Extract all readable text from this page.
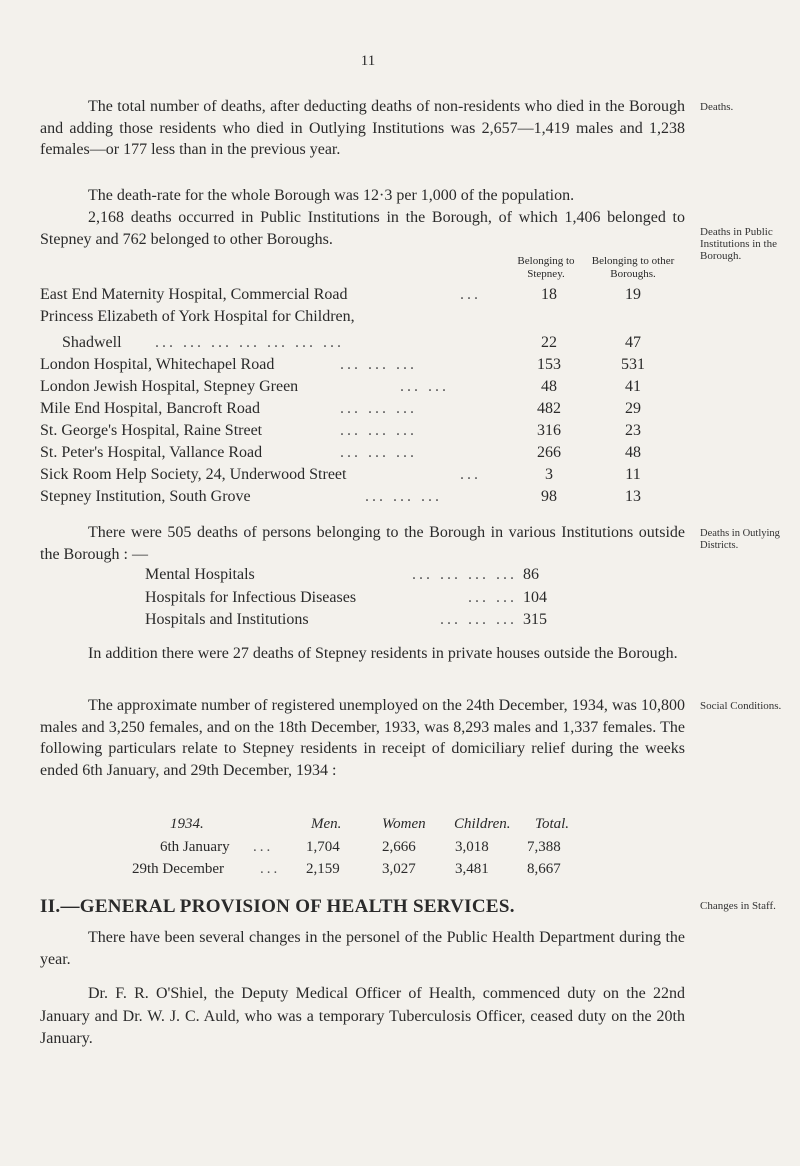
11

The total number of deaths, after deducting deaths of non-residents who died in the Borough and adding those residents who died in Outlying Institutions was 2,657—1,419 males and 1,238 females—or 177 less than in the previous year.

Deaths.

The death-rate for the whole Borough was 12·3 per 1,000 of the population.

2,168 deaths occurred in Public Institutions in the Borough, of which 1,406 belonged to Stepney and 762 belonged to other Boroughs.	Deaths in Public Institutions in the Borough.
Belonging to Stepney.
Belonging to other Boroughs.
East End Maternity Hospital, Commercial Road	...	18	19
Princess Elizabeth of York Hospital for Children,
Shadwell ... ... ... ... ... ... ...	22	47
London Hospital, Whitechapel Road	... ... ...	153	531
London Jewish Hospital, Stepney Green	... ...	48	41
Mile End Hospital, Bancroft Road	... ... ...	482	29
St. George's Hospital, Raine Street	... ... ...	316	23
St. Peter's Hospital, Vallance Road	... ... ...	266	48
Sick Room Help Society, 24, Underwood Street	...	3	11
Stepney Institution, South Grove	... ... ...	98	13

There were 505 deaths of persons belonging to the Borough in various Institutions outside the Borough : —

Deaths in Outlying Districts.
Mental Hospitals	... ... ... ... 86
Hospitals for Infectious Diseases	... ... 104
Hospitals and Institutions	... ... ... 315

In addition there were 27 deaths of Stepney residents in private houses outside the Borough.

The approximate number of registered unemployed on the 24th December, 1934, was 10,800 males and 3,250 females, and on the 18th December, 1933, was 8,293 males and 1,337 females. The following particulars relate to Stepney residents in receipt of domiciliary relief during the weeks ended 6th January, and 29th December, 1934 :

Social Conditions.
1934.	Men.	Women Children. Total.
6th January ... 1,704	2,666	3,018	7,388
29th December ... 2,159	3,027	3,481	8,667
II.—GENERAL PROVISION OF HEALTH SERVICES.	Changes in Staff.

There have been several changes in the personel of the Public Health Department during the year.

Dr. F. R. O'Shiel, the Deputy Medical Officer of Health, commenced duty on the 22nd January and Dr. W. J. C. Auld, who was a temporary Tuberculosis Officer, ceased duty on the 20th January.
